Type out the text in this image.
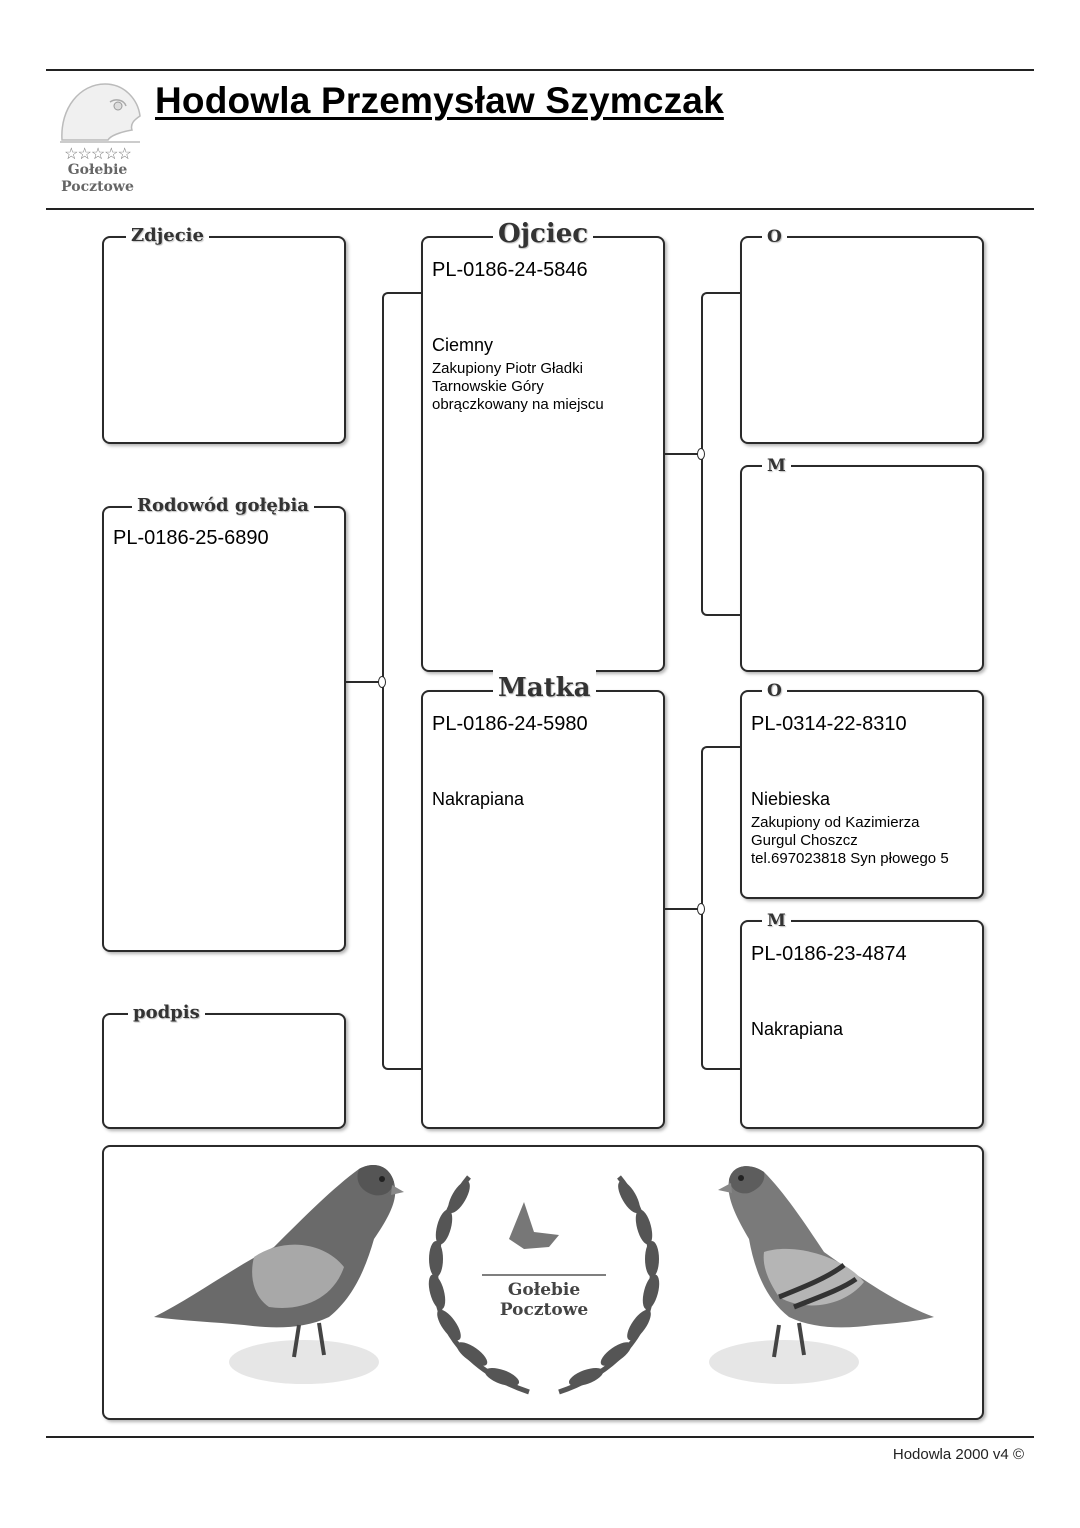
☆☆☆☆☆
Gołebie
Pocztowe
Hodowla Przemysław Szymczak
Zdjecie
Rodowód gołębia
PL-0186-25-6890
podpis
Ojciec
PL-0186-24-5846
Ciemny
Zakupiony Piotr Gładki
Tarnowskie Góry
obrączkowany na miejscu
Matka
PL-0186-24-5980
Nakrapiana
O
M
O
PL-0314-22-8310
Niebieska
Zakupiony od Kazimierza
Gurgul Choszcz
tel.697023818 Syn płowego 5
M
PL-0186-23-4874
Nakrapiana
Gołebie
Pocztowe
Hodowla 2000 v4 ©
